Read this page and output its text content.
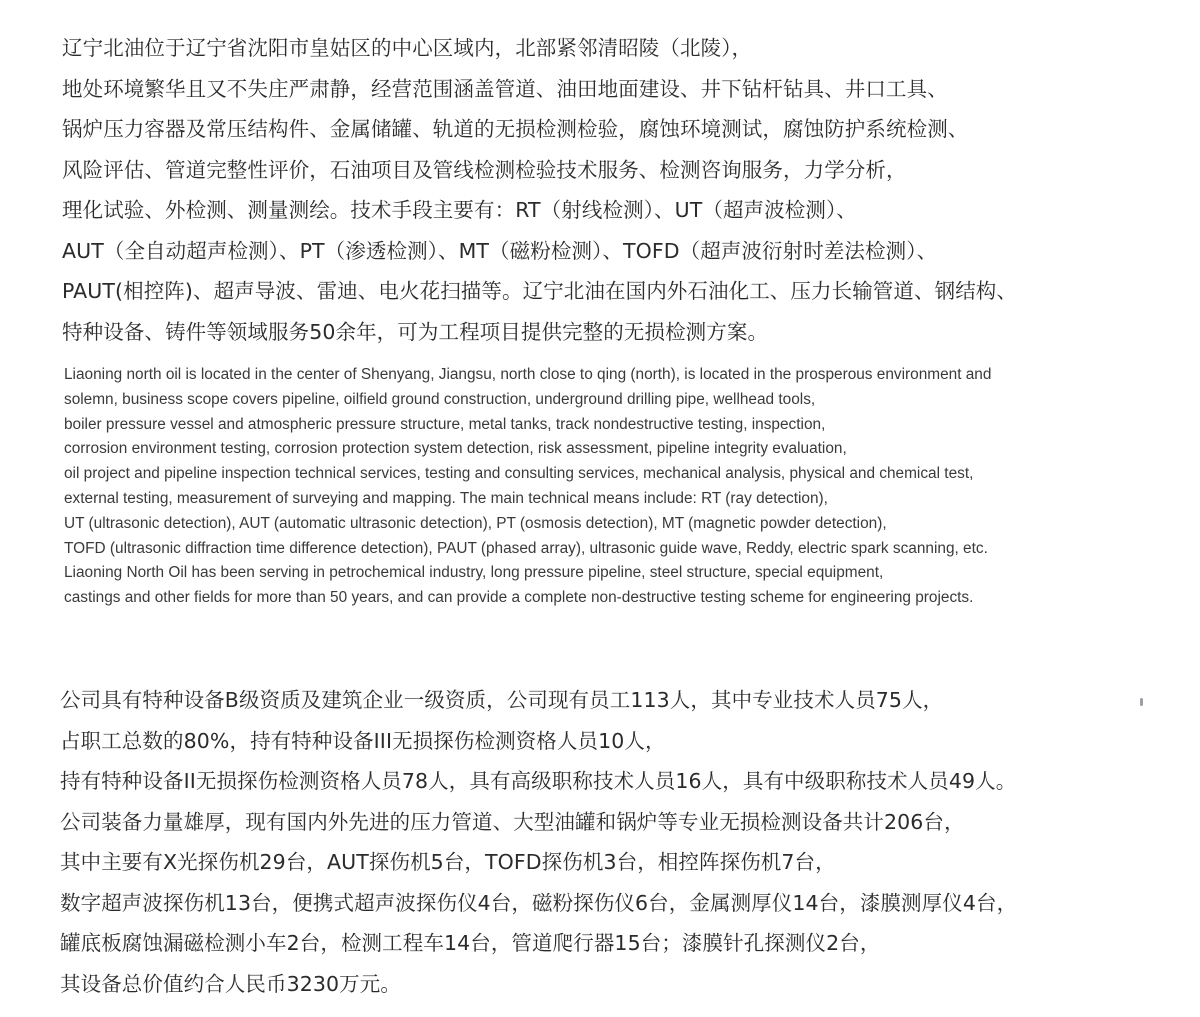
辽宁北油位于辽宁省沈阳市皇姑区的中心区域内，北部紧邻清昭陵（北陵），
地处环境繁华且又不失庄严肃静，经营范围涵盖管道、油田地面建设、井下钻杆钻具、井口工具、
锅炉压力容器及常压结构件、金属储罐、轨道的无损检测检验，腐蚀环境测试，腐蚀防护系统检测、
风险评估、管道完整性评价，石油项目及管线检测检验技术服务、检测咨询服务，力学分析，
理化试验、外检测、测量测绘。技术手段主要有：RT（射线检测）、UT（超声波检测）、
AUT（全自动超声检测）、PT（渗透检测）、MT（磁粉检测）、TOFD（超声波衍射时差法检测）、
PAUT(相控阵)、超声导波、雷迪、电火花扫描等。辽宁北油在国内外石油化工、压力长输管道、钢结构、
特种设备、铸件等领域服务50余年，可为工程项目提供完整的无损检测方案。
Liaoning north oil is located in the center of Shenyang, Jiangsu, north close to qing (north), is located in the prosperous environment and
solemn, business scope covers pipeline, oilfield ground construction, underground drilling pipe, wellhead tools,
boiler pressure vessel and atmospheric pressure structure, metal tanks, track nondestructive testing, inspection,
corrosion environment testing, corrosion protection system detection, risk assessment, pipeline integrity evaluation,
oil project and pipeline inspection technical services, testing and consulting services, mechanical analysis, physical and chemical test,
external testing, measurement of surveying and mapping. The main technical means include: RT (ray detection),
UT (ultrasonic detection), AUT (automatic ultrasonic detection), PT (osmosis detection), MT (magnetic powder detection),
TOFD (ultrasonic diffraction time difference detection), PAUT (phased array), ultrasonic guide wave, Reddy, electric spark scanning, etc.
Liaoning North Oil has been serving in petrochemical industry, long pressure pipeline, steel structure, special equipment,
castings and other fields for more than 50 years, and can provide a complete non-destructive testing scheme for engineering projects.
公司具有特种设备B级资质及建筑企业一级资质，公司现有员工113人，其中专业技术人员75人，
占职工总数的80%，持有特种设备III无损探伤检测资格人员10人，
持有特种设备II无损探伤检测资格人员78人，具有高级职称技术人员16人，具有中级职称技术人员49人。
公司装备力量雄厚，现有国内外先进的压力管道、大型油罐和锅炉等专业无损检测设备共计206台，
其中主要有X光探伤机29台，AUT探伤机5台，TOFD探伤机3台，相控阵探伤机7台，
数字超声波探伤机13台，便携式超声波探伤仪4台，磁粉探伤仪6台，金属测厚仪14台，漆膜测厚仪4台，
罐底板腐蚀漏磁检测小车2台，检测工程车14台，管道爬行器15台；漆膜针孔探测仪2台，
其设备总价值约合人民币3230万元。
